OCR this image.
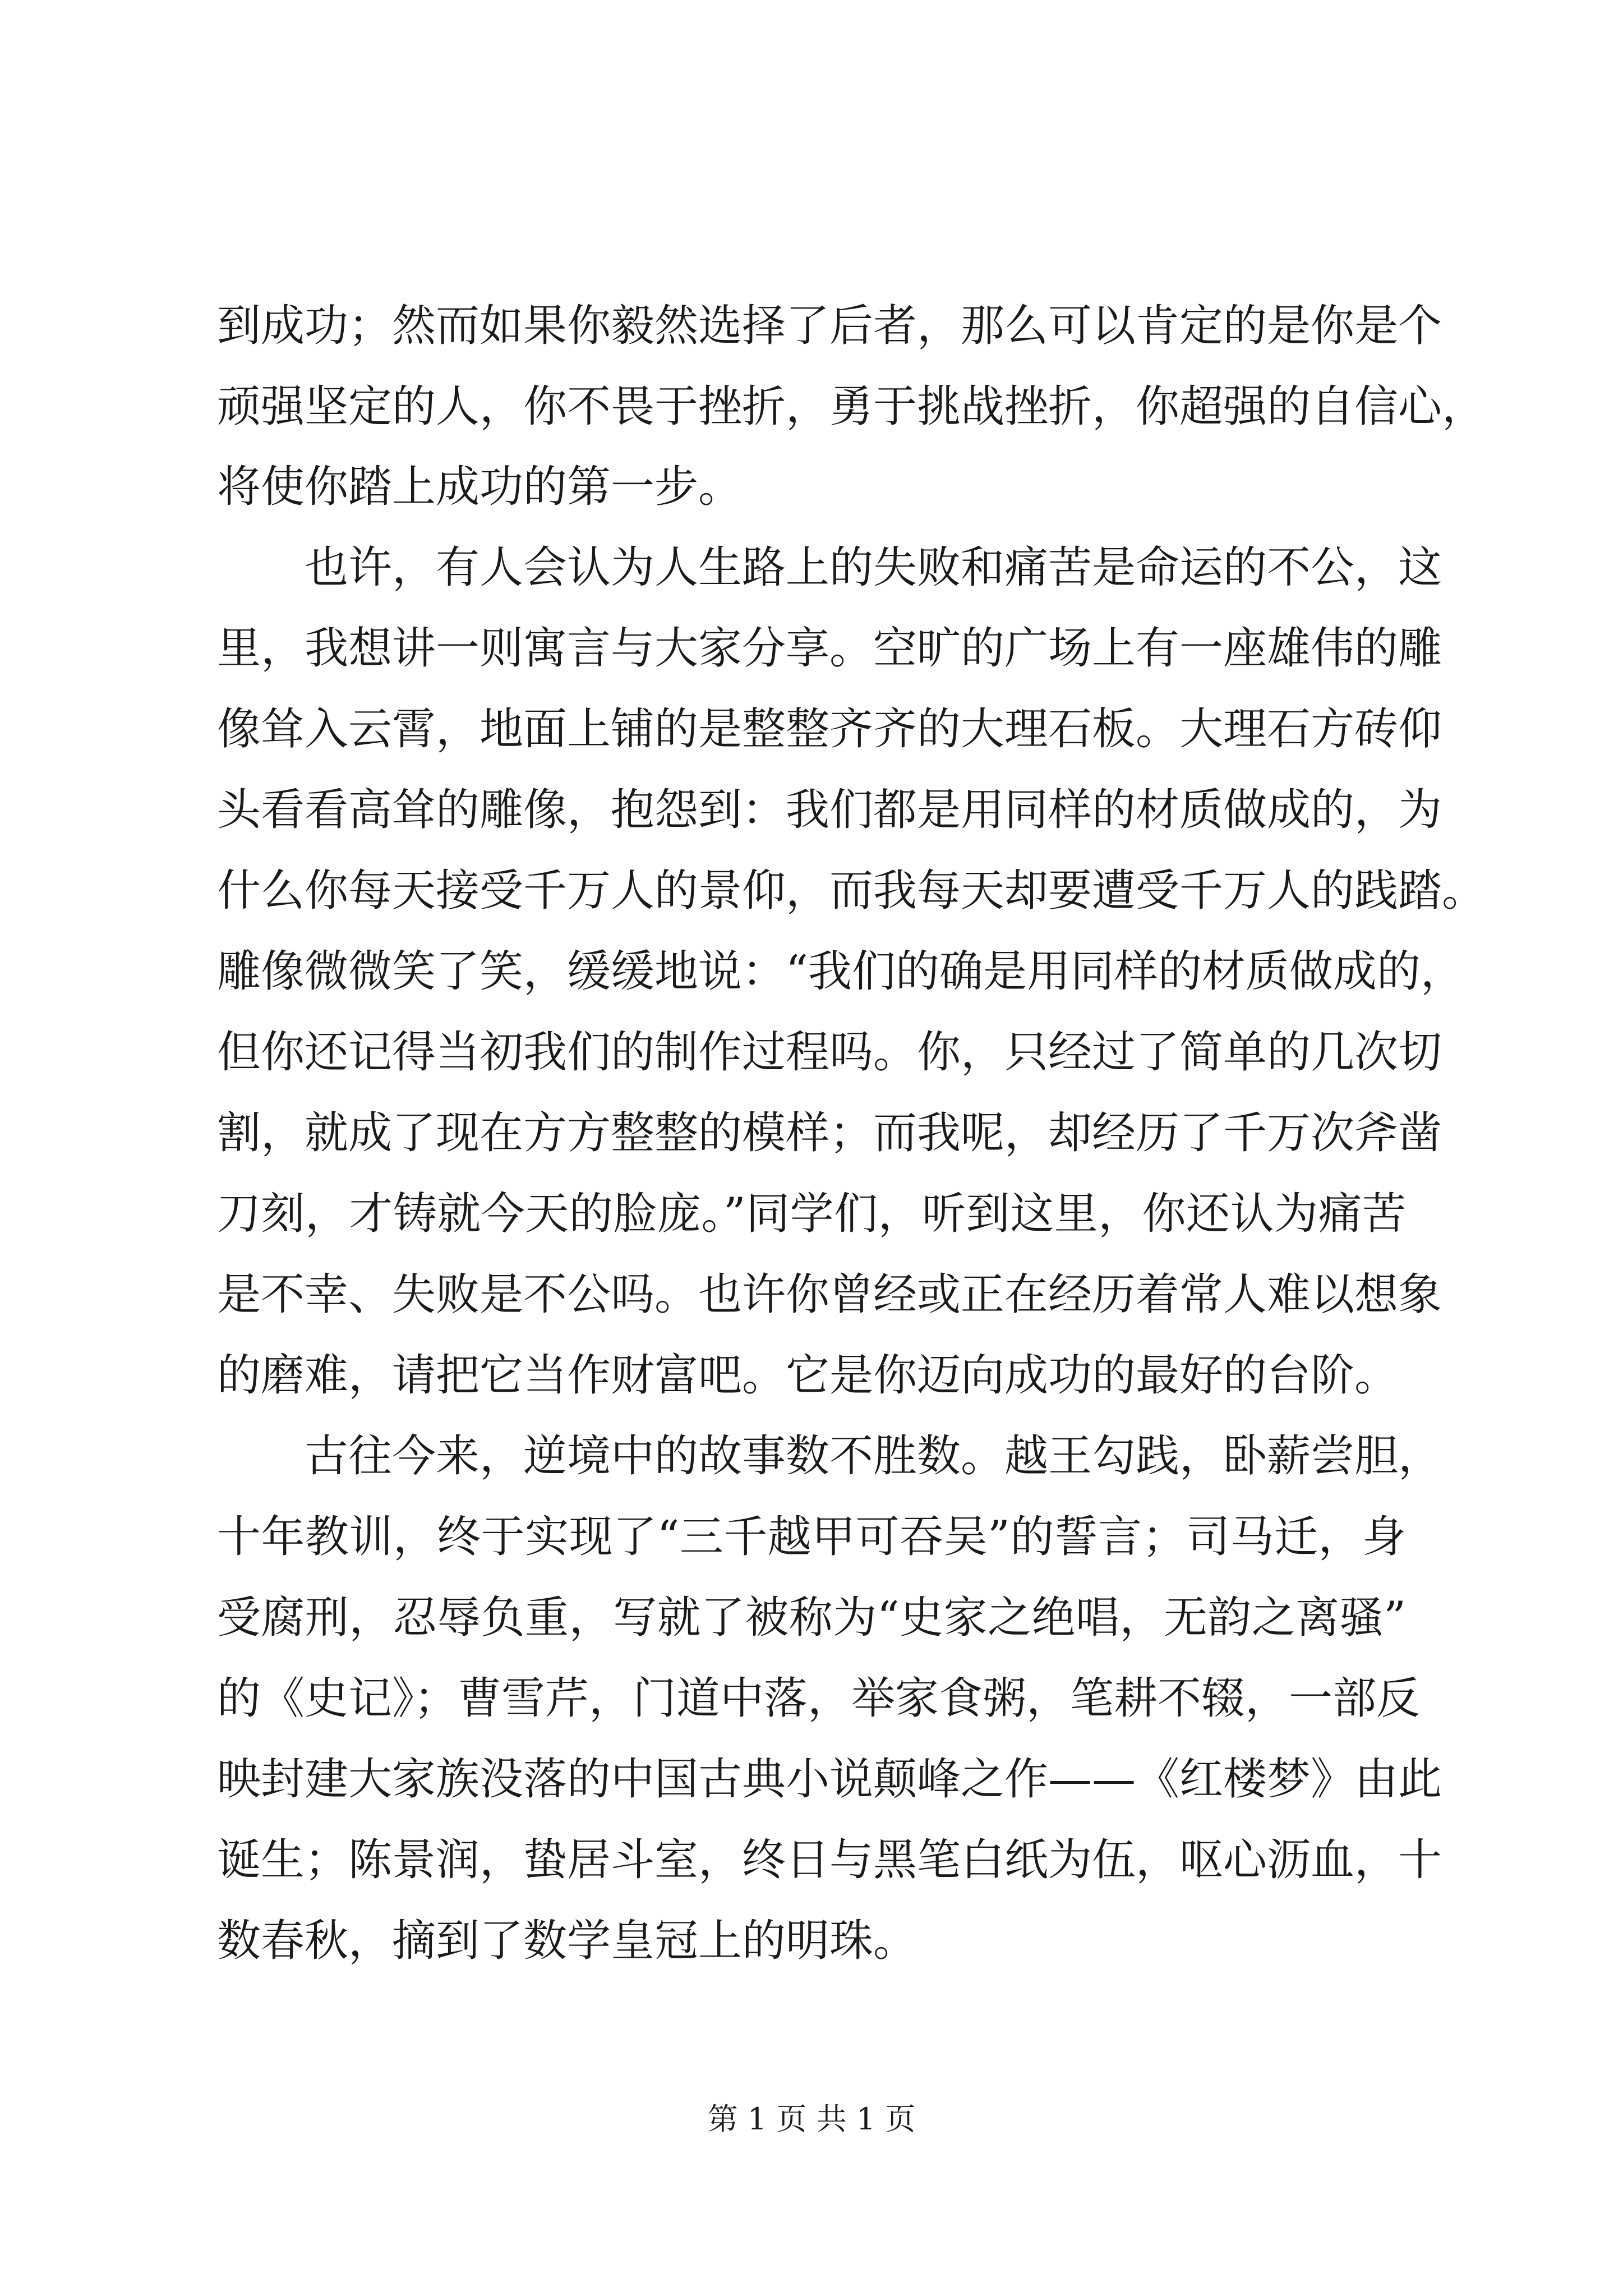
到成功；然而如果你毅然选择了后者，那么可以肯定的是你是个
顽强坚定的人，你不畏于挫折，勇于挑战挫折，你超强的自信心，
将使你踏上成功的第一步。
也许，有人会认为人生路上的失败和痛苦是命运的不公，这
里，我想讲一则寓言与大家分享。空旷的广场上有一座雄伟的雕
像耸入云霄，地面上铺的是整整齐齐的大理石板。大理石方砖仰
头看看高耸的雕像，抱怨到：我们都是用同样的材质做成的，为
什么你每天接受千万人的景仰，而我每天却要遭受千万人的践踏。
雕像微微笑了笑，缓缓地说：“我们的确是用同样的材质做成的，
但你还记得当初我们的制作过程吗。你，只经过了简单的几次切
割，就成了现在方方整整的模样；而我呢，却经历了千万次斧凿
刀刻，才铸就今天的脸庞。”同学们，听到这里，你还认为痛苦
是不幸、失败是不公吗。也许你曾经或正在经历着常人难以想象
的磨难，请把它当作财富吧。它是你迈向成功的最好的台阶。
古往今来，逆境中的故事数不胜数。越王勾践，卧薪尝胆，
十年教训，终于实现了“三千越甲可吞吴”的誓言；司马迁，身
受腐刑，忍辱负重，写就了被称为“史家之绝唱，无韵之离骚”
的《史记》；曹雪芹，门道中落，举家食粥，笔耕不辍，一部反
映封建大家族没落的中国古典小说颠峰之作——《红楼梦》由此
诞生；陈景润，蛰居斗室，终日与黑笔白纸为伍，呕心沥血，十
数春秋，摘到了数学皇冠上的明珠。
第 1 页 共 1 页
